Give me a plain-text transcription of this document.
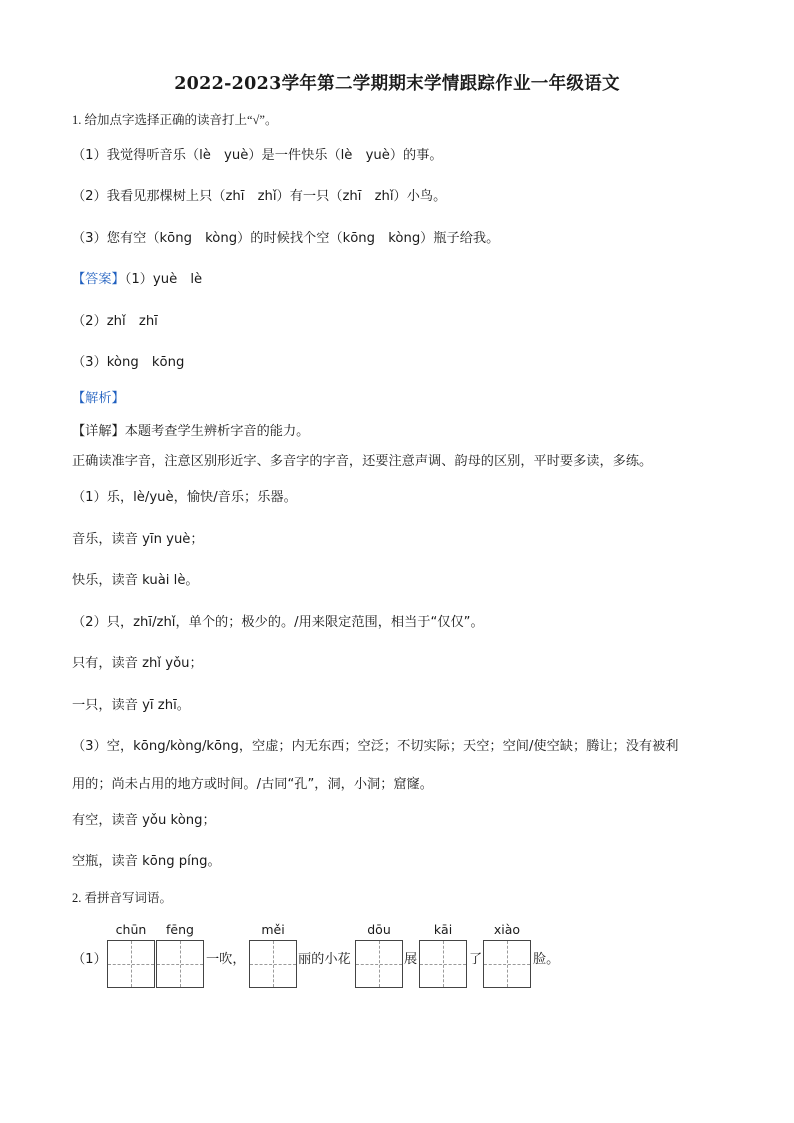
2022-2023学年第二学期期末学情跟踪作业一年级语文
1. 给加点字选择正确的读音打上“√”。
（1）我觉得听音乐（lè　yuè）是一件快乐（lè　yuè）的事。
（2）我看见那棵树上只（zhī　zhǐ）有一只（zhī　zhǐ）小鸟。
（3）您有空（kōng　kòng）的时候找个空（kōng　kòng）瓶子给我。
【答案】（1）yuè　lè
（2）zhǐ　zhī
（3）kòng　kōng
【解析】
【详解】本题考查学生辨析字音的能力。
正确读准字音，注意区别形近字、多音字的字音，还要注意声调、韵母的区别，平时要多读，多练。
（1）乐，lè/yuè，愉快/音乐；乐器。
音乐，读音 yīn yuè；
快乐，读音 kuài lè。
（2）只，zhī/zhǐ，单个的；极少的。/用来限定范围，相当于“仅仅”。
只有，读音 zhǐ yǒu；
一只，读音 yī zhī。
（3）空，kōng/kòng/kōng，空虚；内无东西；空泛；不切实际；天空；空间/使空缺；腾让；没有被利
用的；尚未占用的地方或时间。/古同“孔”，洞，小洞；窟窿。
有空，读音 yǒu kòng；
空瓶，读音 kōng píng。
2. 看拼音写词语。
（1）
chūn	fēng
一吹，
měi
丽的小花
dōu
展
kāi
了
xiào
脸。
